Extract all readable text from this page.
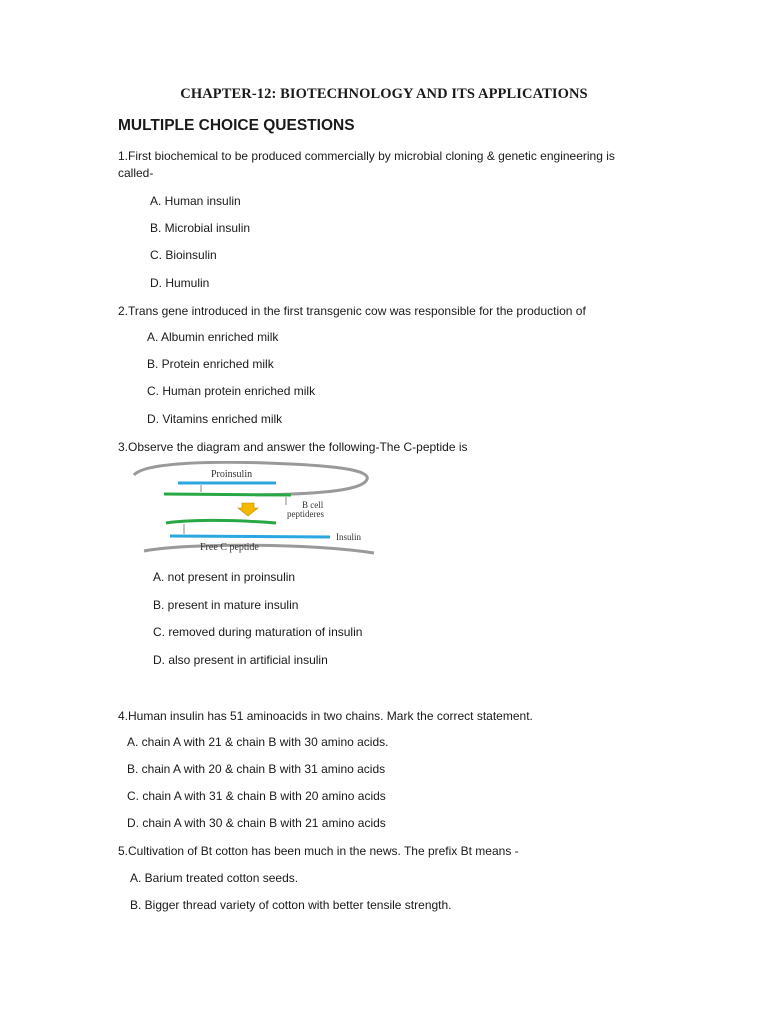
CHAPTER-12: BIOTECHNOLOGY AND ITS APPLICATIONS
MULTIPLE CHOICE QUESTIONS
1.First biochemical to be produced commercially by microbial cloning & genetic engineering is called-
A. Human insulin
B. Microbial insulin
C. Bioinsulin
D. Humulin
2.Trans gene introduced in the first transgenic cow was responsible for the production of
A. Albumin enriched milk
B. Protein enriched milk
C. Human protein enriched milk
D. Vitamins enriched milk
3.Observe the diagram and answer the following-The C-peptide is
Proinsulin
B cell
peptideres
Insulin
Free C peptide
A. not present in proinsulin
B. present in mature insulin
C. removed during maturation of insulin
D. also present in artificial insulin
4.Human insulin has 51 aminoacids in two chains. Mark the correct statement.
A. chain A with 21 & chain B with 30 amino acids.
B. chain A with 20 & chain B with 31 amino acids
C. chain A with 31 & chain B with 20 amino acids
D. chain A with 30 & chain B with 21 amino acids
5.Cultivation of Bt cotton has been much in the news. The prefix Bt means -
A. Barium treated cotton seeds.
B. Bigger thread variety of cotton with better tensile strength.
